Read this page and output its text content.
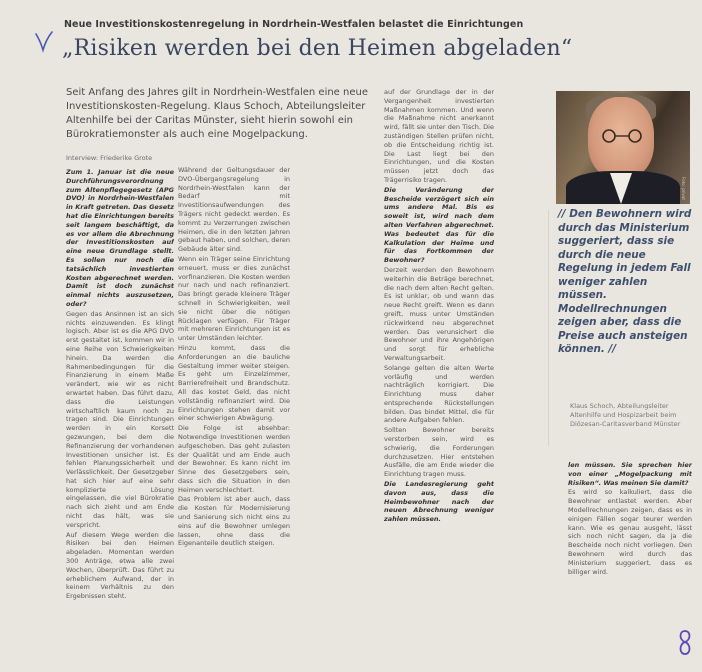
Neue Investitionskostenregelung in Nordrhein-Westfalen belastet die Einrichtungen
„Risiken werden bei den Heimen abgeladen“
Seit Anfang des Jahres gilt in Nordrhein-Westfalen eine neue Investitionskosten-Regelung. Klaus Schoch, Abteilungsleiter Altenhilfe bei der Caritas Münster, sieht hierin sowohl ein Bürokratiemonster als auch eine Mogelpackung.
Interview: Friederike Grote

Zum 1. Januar ist die neue Durchführungsverordnung zum Altenpflegegesetz (APG DVO) in Nordrhein-Westfalen in Kraft getreten. Das Gesetz hat die Einrichtungen bereits seit langem beschäftigt, da es vor allem die Abrechnung der Investitionskosten auf eine neue Grundlage stellt. Es sollen nur noch die tatsächlich investierten Kosten abgerechnet werden. Damit ist doch zunächst einmal nichts auszusetzen, oder?

Gegen das Ansinnen ist an sich nichts einzuwenden. Es klingt logisch. Aber ist es die APG DVO erst gestaltet ist, kommen wir in eine Reihe von Schwierigkeiten hinein. Da werden die Rahmenbedingungen für die Finanzierung in einem Maße verändert, wie wir es nicht erwartet haben. Das führt dazu, dass die Leistungen wirtschaftlich kaum noch zu tragen sind. Die Einrichtungen werden in ein Korsett gezwungen, bei dem die Refinanzierung der vorhandenen Investitionen unsicher ist. Es fehlen Planungssicherheit und Verlässlichkeit. Der Gesetzgeber hat sich hier auf eine sehr komplizierte Lösung eingelassen, die viel Bürokratie nach sich zieht und am Ende nicht das hält, was sie verspricht.

Auf diesem Wege werden die Risiken bei den Heimen abgeladen. Momentan werden 300 Anträge, etwa alle zwei Wochen, überprüft. Das führt zu erheblichem Aufwand, der in keinem Verhältnis zu den Ergebnissen steht.

Während der Geltungsdauer der DVO-Übergangsregelung in Nordrhein-Westfalen kann der Bedarf mit Investitionsaufwendungen des Trägers nicht gedeckt werden. Es kommt zu Verzerrungen zwischen Heimen, die in den letzten Jahren gebaut haben, und solchen, deren Gebäude älter sind.

Wenn ein Träger seine Einrichtung erneuert, muss er dies zunächst vorfinanzieren. Die Kosten werden nur nach und nach refinanziert. Das bringt gerade kleinere Träger schnell in Schwierigkeiten, weil sie nicht über die nötigen Rücklagen verfügen. Für Träger mit mehreren Einrichtungen ist es unter Umständen leichter.

Hinzu kommt, dass die Anforderungen an die bauliche Gestaltung immer weiter steigen. Es geht um Einzelzimmer, Barrierefreiheit und Brandschutz. All das kostet Geld, das nicht vollständig refinanziert wird. Die Einrichtungen stehen damit vor einer schwierigen Abwägung.

Die Folge ist absehbar: Notwendige Investitionen werden aufgeschoben. Das geht zulasten der Qualität und am Ende auch der Bewohner. Es kann nicht im Sinne des Gesetzgebers sein, dass sich die Situation in den Heimen verschlechtert.

Das Problem ist aber auch, dass die Kosten für Modernisierung und Sanierung sich nicht eins zu eins auf die Bewohner umlegen lassen, ohne dass die Eigenanteile deutlich steigen.

auf der Grundlage der in der Vergangenheit investierten Maßnahmen kommen. Und wenn die Maßnahme nicht anerkannt wird, fällt sie unter den Tisch. Die zuständigen Stellen prüfen nicht, ob die Entscheidung richtig ist. Die Last liegt bei den Einrichtungen, und die Kosten müssen jetzt doch das Trägerrisiko tragen.

Die Veränderung der Bescheide verzögert sich ein ums andere Mal. Bis es soweit ist, wird nach dem alten Verfahren abgerechnet. Was bedeutet das für die Kalkulation der Heime und für das Fortkommen der Bewohner?

Derzeit werden den Bewohnern weiterhin die Beträge berechnet, die nach dem alten Recht gelten. Es ist unklar, ob und wann das neue Recht greift. Wenn es dann greift, muss unter Umständen rückwirkend neu abgerechnet werden. Das verunsichert die Bewohner und ihre Angehörigen und sorgt für erhebliche Verwaltungsarbeit.

Solange gelten die alten Werte vorläufig und werden nachträglich korrigiert. Die Einrichtung muss daher entsprechende Rückstellungen bilden. Das bindet Mittel, die für andere Aufgaben fehlen.

Sollten Bewohner bereits verstorben sein, wird es schwierig, die Forderungen durchzusetzen. Hier entstehen Ausfälle, die am Ende wieder die Einrichtung tragen muss.

Die Landesregierung geht davon aus, dass die Heimbewohner nach der neuen Abrechnung weniger zahlen müssen.

Foto: privat
// Den Bewohnern wird durch das Ministerium suggeriert, dass sie durch die neue Regelung in jedem Fall weniger zahlen müssen. Modellrechnungen zeigen aber, dass die Preise auch ansteigen können. //
Klaus Schoch, Abteilungsleiter Altenhilfe und Hospizarbeit beim Diözesan-Caritasverband Münster

len müssen. Sie sprechen hier von einer „Mogelpackung mit Risiken“. Was meinen Sie damit?

Es wird so kalkuliert, dass die Bewohner entlastet werden. Aber Modellrechnungen zeigen, dass es in einigen Fällen sogar teurer werden kann. Wie es genau ausgeht, lässt sich noch nicht sagen, da ja die Bescheide noch nicht vorliegen. Den Bewohnern wird durch das Ministerium suggeriert, dass es billiger wird.
